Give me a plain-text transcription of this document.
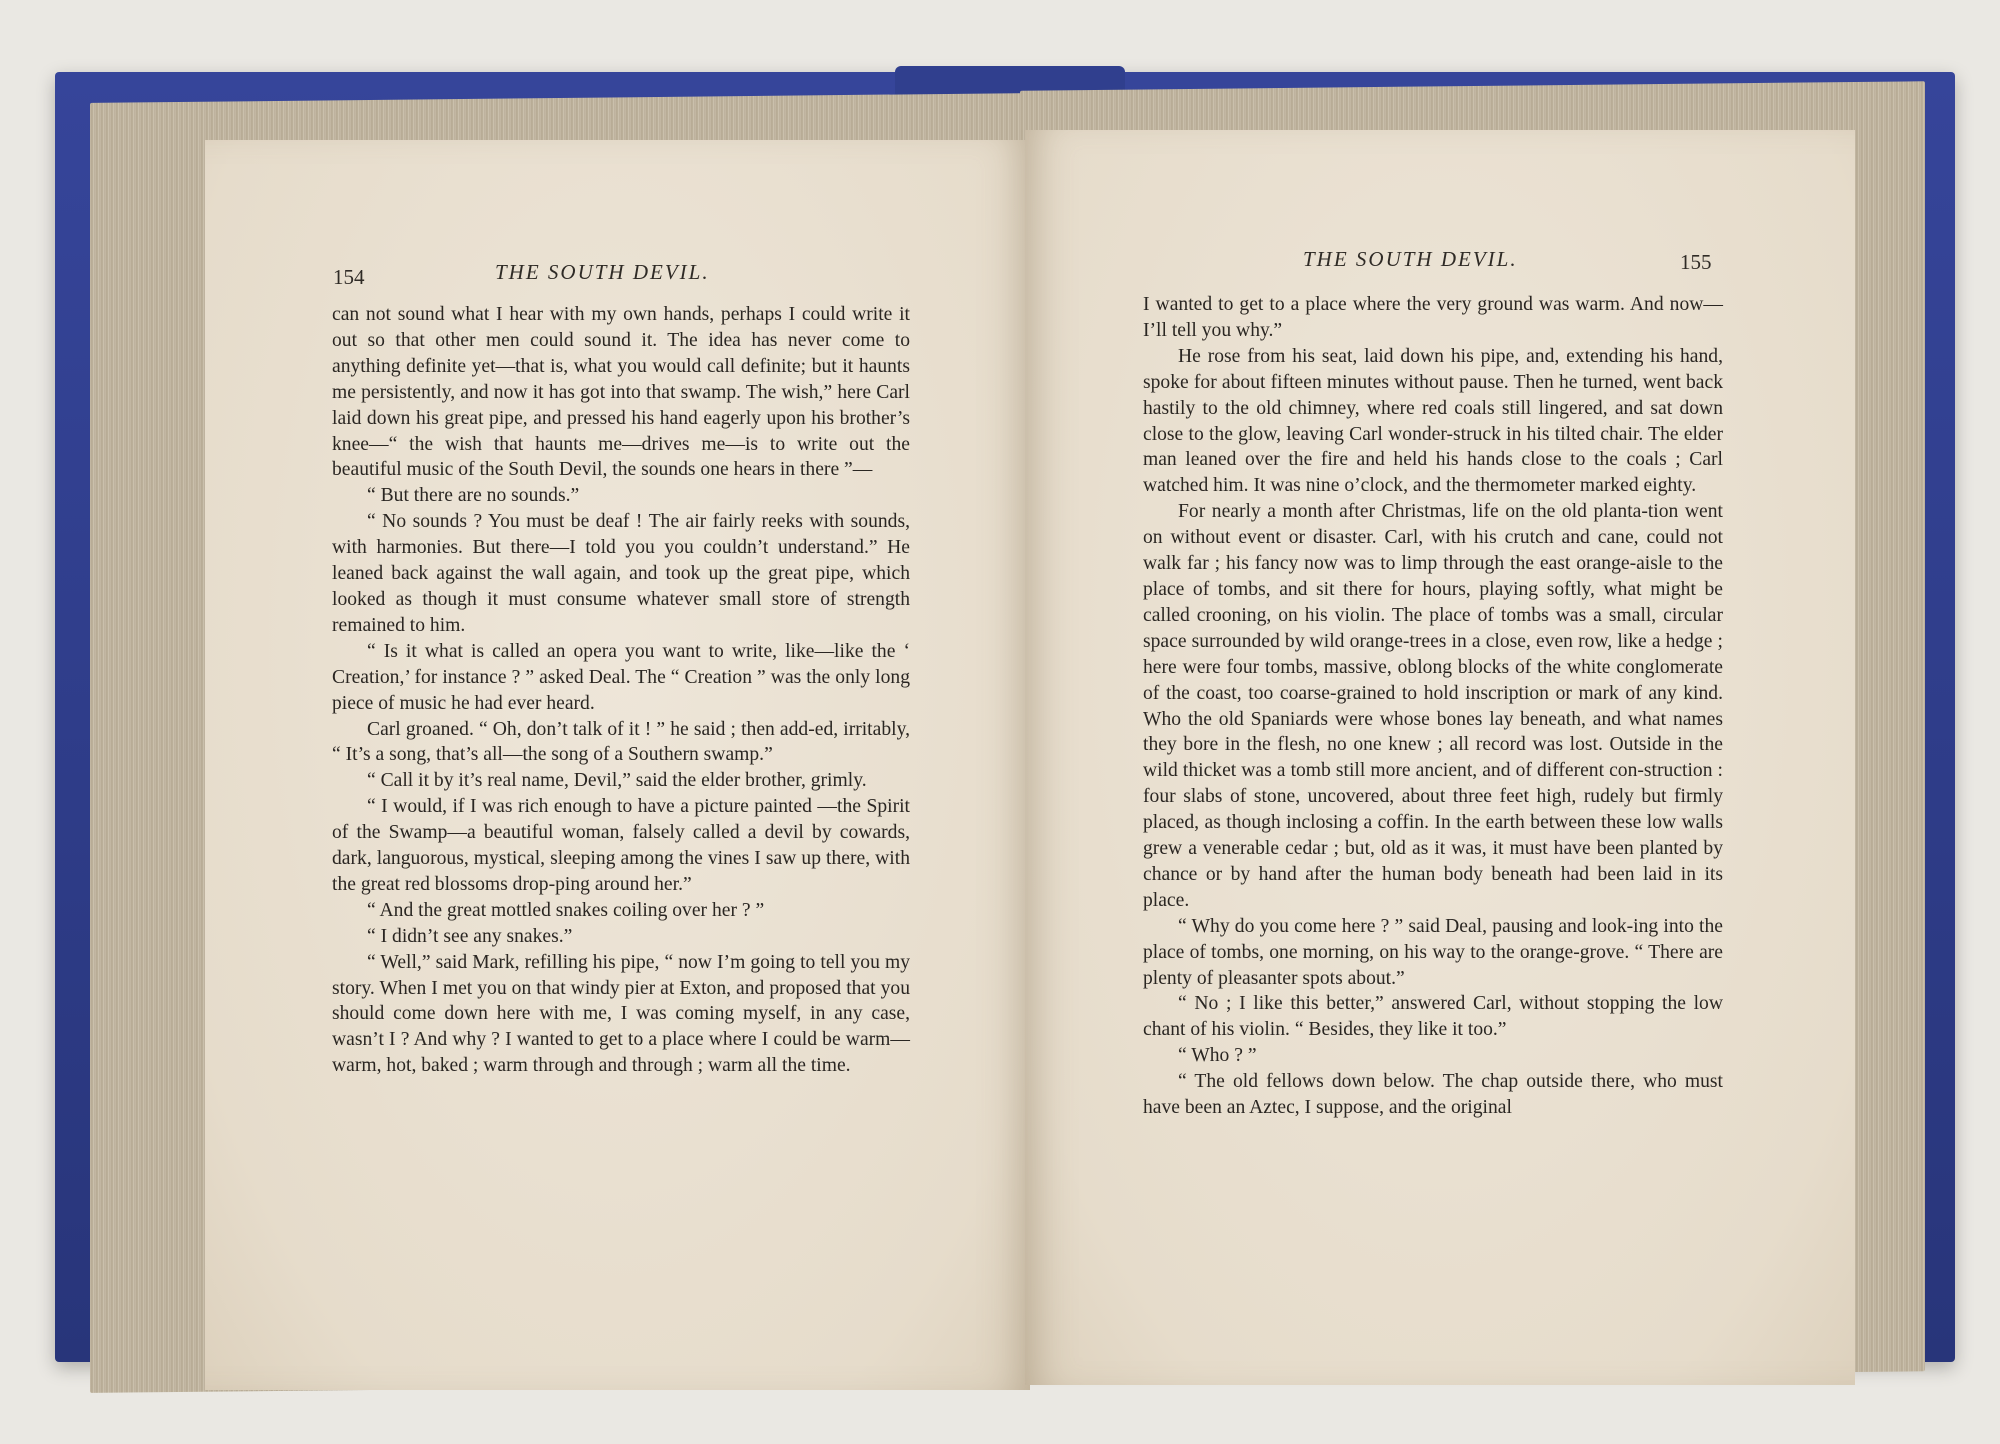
154	THE SOUTH DEVIL.

can not sound what I hear with my own hands, perhaps I could write it out so that other men could sound it. The idea has never come to anything definite yet—that is, what you would call definite; but it haunts me persistently, and now it has got into that swamp. The wish,” here Carl laid down his great pipe, and pressed his hand eagerly upon his brother’s knee—“ the wish that haunts me—drives me—is to write out the beautiful music of the South Devil, the sounds one hears in there ”—

“ But there are no sounds.”

“ No sounds ? You must be deaf ! The air fairly reeks with sounds, with harmonies. But there—I told you you couldn’t understand.” He leaned back against the wall again, and took up the great pipe, which looked as though it must consume whatever small store of strength remained to him.

“ Is it what is called an opera you want to write, like—like the ‘ Creation,’ for instance ? ” asked Deal. The “ Creation ” was the only long piece of music he had ever heard.

Carl groaned. “ Oh, don’t talk of it ! ” he said ; then add-ed, irritably, “ It’s a song, that’s all—the song of a Southern swamp.”

“ Call it by it’s real name, Devil,” said the elder brother, grimly.

“ I would, if I was rich enough to have a picture painted —the Spirit of the Swamp—a beautiful woman, falsely called a devil by cowards, dark, languorous, mystical, sleeping among the vines I saw up there, with the great red blossoms drop-ping around her.”

“ And the great mottled snakes coiling over her ? ”

“ I didn’t see any snakes.”

“ Well,” said Mark, refilling his pipe, “ now I’m going to tell you my story. When I met you on that windy pier at Exton, and proposed that you should come down here with me, I was coming myself, in any case, wasn’t I ? And why ? I wanted to get to a place where I could be warm—warm, hot, baked ; warm through and through ; warm all the time.

THE SOUTH DEVIL.	155

I wanted to get to a place where the very ground was warm. And now—I’ll tell you why.”

He rose from his seat, laid down his pipe, and, extending his hand, spoke for about fifteen minutes without pause. Then he turned, went back hastily to the old chimney, where red coals still lingered, and sat down close to the glow, leaving Carl wonder-struck in his tilted chair. The elder man leaned over the fire and held his hands close to the coals ; Carl watched him. It was nine o’clock, and the thermometer marked eighty.

For nearly a month after Christmas, life on the old planta-tion went on without event or disaster. Carl, with his crutch and cane, could not walk far ; his fancy now was to limp through the east orange-aisle to the place of tombs, and sit there for hours, playing softly, what might be called crooning, on his violin. The place of tombs was a small, circular space surrounded by wild orange-trees in a close, even row, like a hedge ; here were four tombs, massive, oblong blocks of the white conglomerate of the coast, too coarse-grained to hold inscription or mark of any kind. Who the old Spaniards were whose bones lay beneath, and what names they bore in the flesh, no one knew ; all record was lost. Outside in the wild thicket was a tomb still more ancient, and of different con-struction : four slabs of stone, uncovered, about three feet high, rudely but firmly placed, as though inclosing a coffin. In the earth between these low walls grew a venerable cedar ; but, old as it was, it must have been planted by chance or by hand after the human body beneath had been laid in its place.

“ Why do you come here ? ” said Deal, pausing and look-ing into the place of tombs, one morning, on his way to the orange-grove. “ There are plenty of pleasanter spots about.”

“ No ; I like this better,” answered Carl, without stopping the low chant of his violin. “ Besides, they like it too.”

“ Who ? ”

“ The old fellows down below. The chap outside there, who must have been an Aztec, I suppose, and the original
